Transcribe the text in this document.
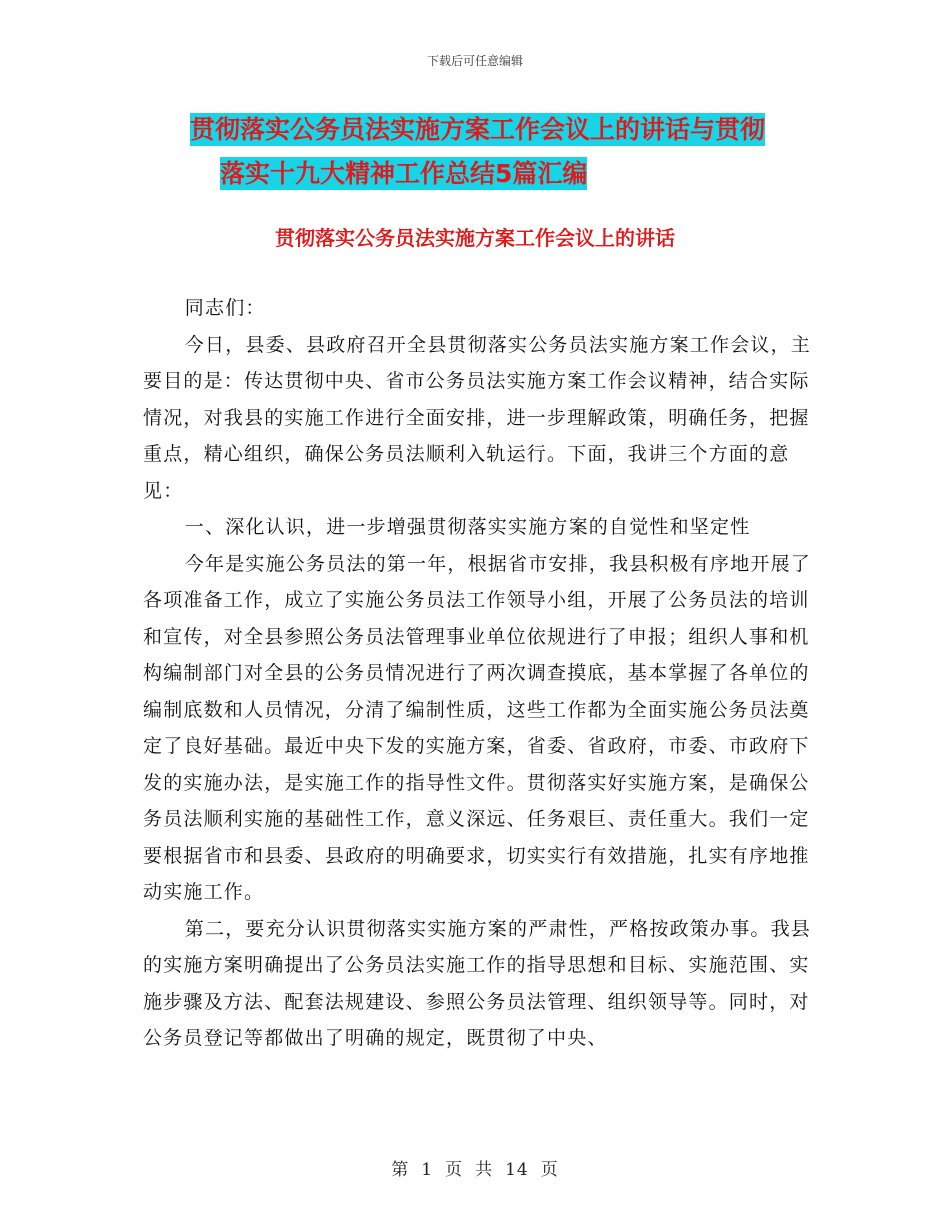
下载后可任意编辑
贯彻落实公务员法实施方案工作会议上的讲话与贯彻
落实十九大精神工作总结5篇汇编
贯彻落实公务员法实施方案工作会议上的讲话

同志们：

今日，县委、县政府召开全县贯彻落实公务员法实施方案工作会议，主要目的是：传达贯彻中央、省市公务员法实施方案工作会议精神，结合实际情况，对我县的实施工作进行全面安排，进一步理解政策，明确任务，把握重点，精心组织，确保公务员法顺利入轨运行。下面，我讲三个方面的意见：

一、深化认识，进一步增强贯彻落实实施方案的自觉性和坚定性

今年是实施公务员法的第一年，根据省市安排，我县积极有序地开展了各项准备工作，成立了实施公务员法工作领导小组，开展了公务员法的培训和宣传，对全县参照公务员法管理事业单位依规进行了申报；组织人事和机构编制部门对全县的公务员情况进行了两次调查摸底，基本掌握了各单位的编制底数和人员情况，分清了编制性质，这些工作都为全面实施公务员法奠定了良好基础。最近中央下发的实施方案，省委、省政府，市委、市政府下发的实施办法，是实施工作的指导性文件。贯彻落实好实施方案，是确保公务员法顺利实施的基础性工作，意义深远、任务艰巨、责任重大。我们一定要根据省市和县委、县政府的明确要求，切实实行有效措施，扎实有序地推动实施工作。

第二，要充分认识贯彻落实实施方案的严肃性，严格按政策办事。我县的实施方案明确提出了公务员法实施工作的指导思想和目标、实施范围、实施步骤及方法、配套法规建设、参照公务员法管理、组织领导等。同时，对公务员登记等都做出了明确的规定，既贯彻了中央、

第 1 页 共 14 页
